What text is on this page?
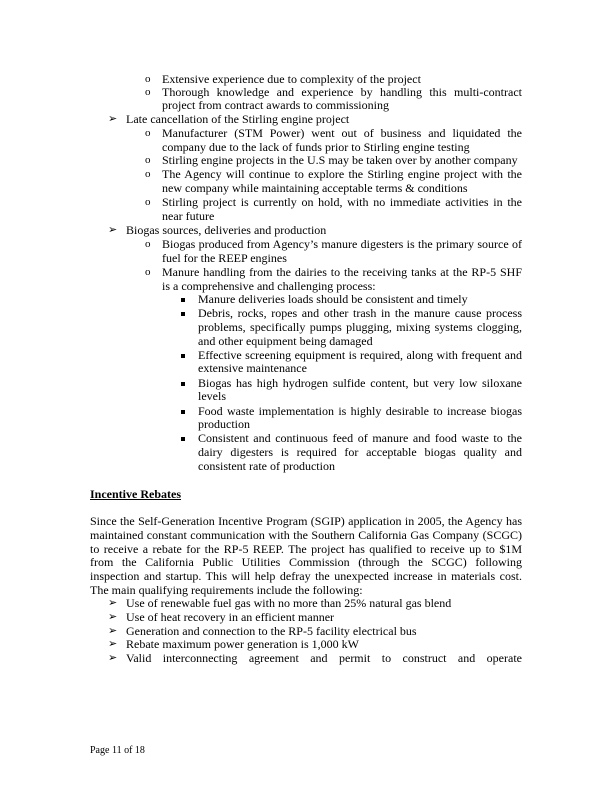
o Extensive experience due to complexity of the project
o Thorough knowledge and experience by handling this multi-contract
project from contract awards to commissioning
➢ Late cancellation of the Stirling engine project
o Manufacturer (STM Power) went out of business and liquidated the
company due to the lack of funds prior to Stirling engine testing
o Stirling engine projects in the U.S may be taken over by another company
o The Agency will continue to explore the Stirling engine project with the
new company while maintaining acceptable terms & conditions
o Stirling project is currently on hold, with no immediate activities in the
near future
➢ Biogas sources, deliveries and production
o Biogas produced from Agency’s manure digesters is the primary source of
fuel for the REEP engines
o Manure handling from the dairies to the receiving tanks at the RP-5 SHF
is a comprehensive and challenging process:
Manure deliveries loads should be consistent and timely
Debris, rocks, ropes and other trash in the manure cause process
problems, specifically pumps plugging, mixing systems clogging,
and other equipment being damaged
Effective screening equipment is required, along with frequent and
extensive maintenance
Biogas has high hydrogen sulfide content, but very low siloxane
levels
Food waste implementation is highly desirable to increase biogas
production
Consistent and continuous feed of manure and food waste to the
dairy digesters is required for acceptable biogas quality and
consistent rate of production
Incentive Rebates
Since the Self-Generation Incentive Program (SGIP) application in 2005, the Agency has
maintained constant communication with the Southern California Gas Company (SCGC)
to receive a rebate for the RP-5 REEP. The project has qualified to receive up to $1M
from the California Public Utilities Commission (through the SCGC) following
inspection and startup. This will help defray the unexpected increase in materials cost.
The main qualifying requirements include the following:
➢ Use of renewable fuel gas with no more than 25% natural gas blend
➢ Use of heat recovery in an efficient manner
➢ Generation and connection to the RP-5 facility electrical bus
➢ Rebate maximum power generation is 1,000 kW
➢ Valid interconnecting agreement and permit to construct and operate
Page 11 of 18
